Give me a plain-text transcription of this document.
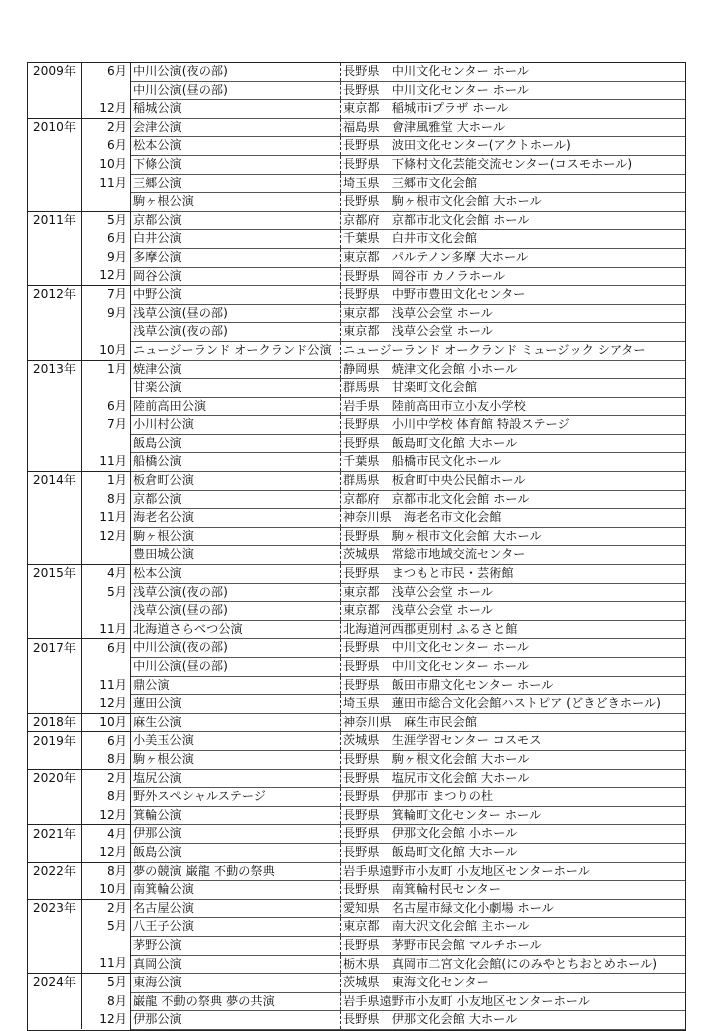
2009年	6月	中川公演(夜の部)	長野県　中川文化センター ホール
		中川公演(昼の部)	長野県　中川文化センター ホール
	12月	稲城公演	東京都　稲城市iプラザ ホール
2010年	2月	会津公演	福島県　會津風雅堂 大ホール
	6月	松本公演	長野県　波田文化センター(アクトホール)
	10月	下條公演	長野県　下條村文化芸能交流センター(コスモホール)
	11月	三郷公演	埼玉県　三郷市文化会館
		駒ヶ根公演	長野県　駒ヶ根市文化会館 大ホール
2011年	5月	京都公演	京都府　京都市北文化会館 ホール
	6月	白井公演	千葉県　白井市文化会館
	9月	多摩公演	東京都　パルテノン多摩 大ホール
	12月	岡谷公演	長野県　岡谷市 カノラホール
2012年	7月	中野公演	長野県　中野市豊田文化センター
	9月	浅草公演(昼の部)	東京都　浅草公会堂 ホール
		浅草公演(夜の部)	東京都　浅草公会堂 ホール
	10月	ニュージーランド オークランド公演	ニュージーランド オークランド ミュージック シアター
2013年	1月	焼津公演	静岡県　焼津文化会館 小ホール
		甘楽公演	群馬県　甘楽町文化会館
	6月	陸前高田公演	岩手県　陸前高田市立小友小学校
	7月	小川村公演	長野県　小川中学校 体育館 特設ステージ
		飯島公演	長野県　飯島町文化館 大ホール
	11月	船橋公演	千葉県　船橋市民文化ホール
2014年	1月	板倉町公演	群馬県　板倉町中央公民館ホール
	8月	京都公演	京都府　京都市北文化会館 ホール
	11月	海老名公演	神奈川県　海老名市文化会館
	12月	駒ヶ根公演	長野県　駒ヶ根市文化会館 大ホール
		豊田城公演	茨城県　常総市地域交流センター
2015年	4月	松本公演	長野県　まつもと市民・芸術館
	5月	浅草公演(夜の部)	東京都　浅草公会堂 ホール
		浅草公演(昼の部)	東京都　浅草公会堂 ホール
	11月	北海道さらべつ公演	北海道河西郡更別村 ふるさと館
2017年	6月	中川公演(夜の部)	長野県　中川文化センター ホール
		中川公演(昼の部)	長野県　中川文化センター ホール
	11月	鼎公演	長野県　飯田市鼎文化センター ホール
	12月	蓮田公演	埼玉県　蓮田市総合文化会館ハストピア (どきどきホール)
2018年	10月	麻生公演	神奈川県　麻生市民会館
2019年	6月	小美玉公演	茨城県　生涯学習センター コスモス
	8月	駒ヶ根公演	長野県　駒ヶ根文化会館 大ホール
2020年	2月	塩尻公演	長野県　塩尻市文化会館 大ホール
	8月	野外スペシャルステージ	長野県　伊那市 まつりの杜
	12月	箕輪公演	長野県　箕輪町文化センター ホール
2021年	4月	伊那公演	長野県　伊那文化会館 小ホール
	12月	飯島公演	長野県　飯島町文化館 大ホール
2022年	8月	夢の競演 巌龍 不動の祭典	岩手県遠野市小友町 小友地区センターホール
	10月	南箕輪公演	長野県　南箕輪村民センター
2023年	2月	名古屋公演	愛知県　名古屋市緑文化小劇場 ホール
	5月	八王子公演	東京都　南大沢文化会館 主ホール
		茅野公演	長野県　茅野市民会館 マルチホール
	11月	真岡公演	栃木県　真岡市二宮文化会館(にのみやとちおとめホール)
2024年	5月	東海公演	茨城県　東海文化センター
	8月	巌龍 不動の祭典 夢の共演	岩手県遠野市小友町 小友地区センターホール
	12月	伊那公演	長野県　伊那文化会館 大ホール
